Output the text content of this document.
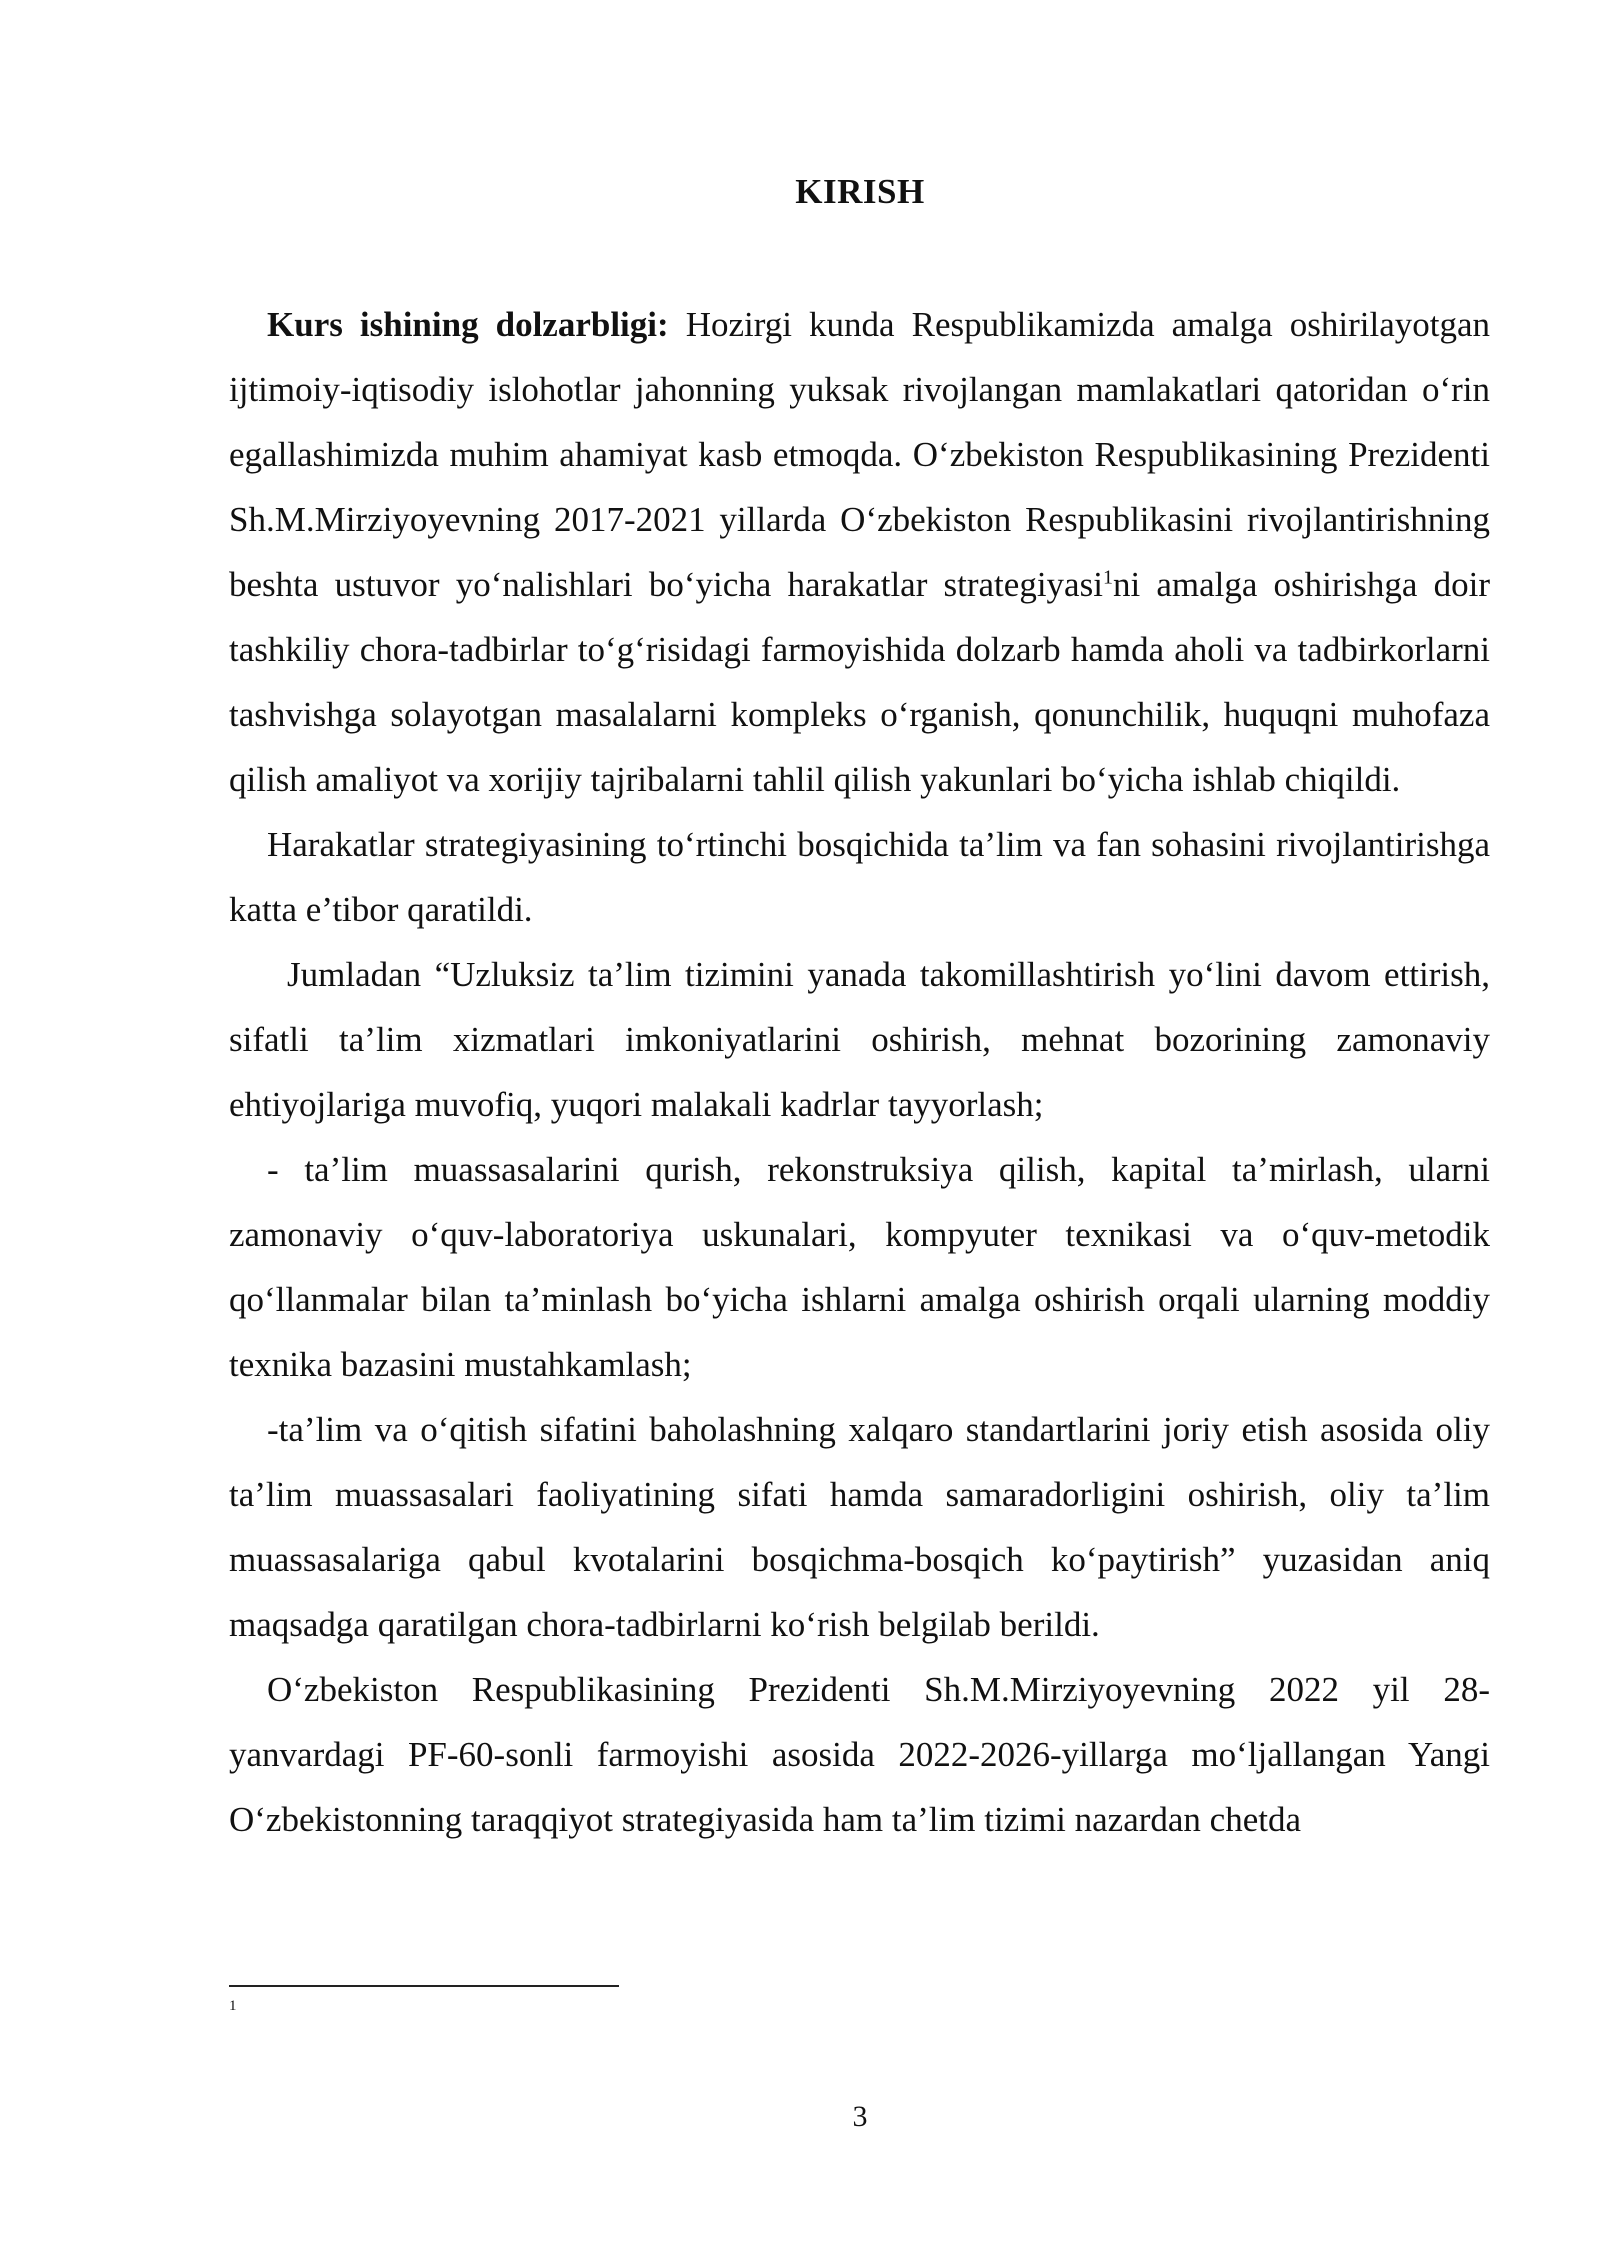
KIRISH

Kurs ishining dolzarbligi: Hozirgi kunda Respublikamizda amalga oshirilayotgan ijtimoiy-iqtisodiy islohotlar jahonning yuksak rivojlangan mamlakatlari qatoridan o‘rin egallashimizda muhim ahamiyat kasb etmoqda. O‘zbekiston Respublikasining Prezidenti Sh.M.Mirziyoyevning 2017-2021 yillarda O‘zbekiston Respublikasini rivojlantirishning beshta ustuvor yo‘nalishlari bo‘yicha harakatlar strategiyasi$^1$ni amalga oshirishga doir tashkiliy chora-tadbirlar to‘g‘risidagi farmoyishida dolzarb hamda aholi va tadbirkorlarni tashvishga solayotgan masalalarni kompleks o‘rganish, qonunchilik, huquqni muhofaza qilish amaliyot va xorijiy tajribalarni tahlil qilish yakunlari bo‘yicha ishlab chiqildi.

Harakatlar strategiyasining to‘rtinchi bosqichida ta’lim va fan sohasini rivojlantirishga katta e’tibor qaratildi.

Jumladan “Uzluksiz ta’lim tizimini yanada takomillashtirish yo‘lini davom ettirish, sifatli ta’lim xizmatlari imkoniyatlarini oshirish, mehnat bozorining zamonaviy ehtiyojlariga muvofiq, yuqori malakali kadrlar tayyorlash;

- ta’lim muassasalarini qurish, rekonstruksiya qilish, kapital ta’mirlash, ularni zamonaviy o‘quv-laboratoriya uskunalari, kompyuter texnikasi va o‘quv-metodik qo‘llanmalar bilan ta’minlash bo‘yicha ishlarni amalga oshirish orqali ularning moddiy texnika bazasini mustahkamlash;

-ta’lim va o‘qitish sifatini baholashning xalqaro standartlarini joriy etish asosida oliy ta’lim muassasalari faoliyatining sifati hamda samaradorligini oshirish, oliy ta’lim muassasalariga qabul kvotalarini bosqichma-bosqich ko‘paytirish” yuzasidan aniq maqsadga qaratilgan chora-tadbirlarni ko‘rish belgilab berildi.

O‘zbekiston Respublikasining Prezidenti Sh.M.Mirziyoyevning 2022 yil 28-yanvardagi PF-60-sonli farmoyishi asosida 2022-2026-yillarga mo‘ljallangan Yangi O‘zbekistonning taraqqiyot strategiyasida ham ta’lim tizimi nazardan chetda

$^1$
3
